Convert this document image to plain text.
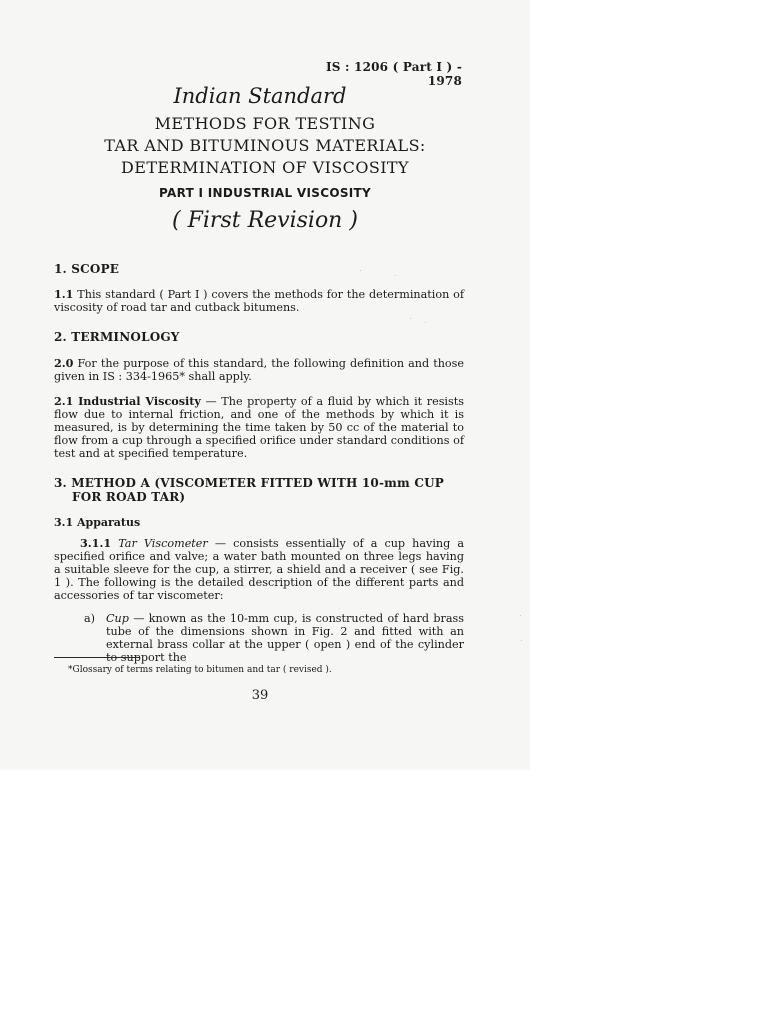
IS : 1206 ( Part I ) - 1978

Indian Standard

METHODS FOR TESTING

TAR AND BITUMINOUS MATERIALS:

DETERMINATION OF VISCOSITY

PART I INDUSTRIAL VISCOSITY

( First Revision )

1. SCOPE

1.1 This standard ( Part I ) covers the methods for the determination of viscosity of road tar and cutback bitumens.

2. TERMINOLOGY

2.0 For the purpose of this standard, the following definition and those given in IS : 334-1965* shall apply.

2.1 Industrial Viscosity — The property of a fluid by which it resists flow due to internal friction, and one of the methods by which it is measured, is by determining the time taken by 50 cc of the material to flow from a cup through a specified orifice under standard conditions of test and at specified temperature.

3. METHOD A (VISCOMETER FITTED WITH 10-mm CUP
FOR ROAD TAR)

3.1 Apparatus

3.1.1 Tar Viscometer — consists essentially of a cup having a specified orifice and valve; a water bath mounted on three legs having a suitable sleeve for the cup, a stirrer, a shield and a receiver ( see Fig. 1 ). The following is the detailed description of the different parts and accessories of tar viscometer:

a) Cup — known as the 10-mm cup, is constructed of hard brass tube of the dimensions shown in Fig. 2 and fitted with an external brass collar at the upper ( open ) end of the cylinder to support the

*Glossary of terms relating to bitumen and tar ( revised ).

39
